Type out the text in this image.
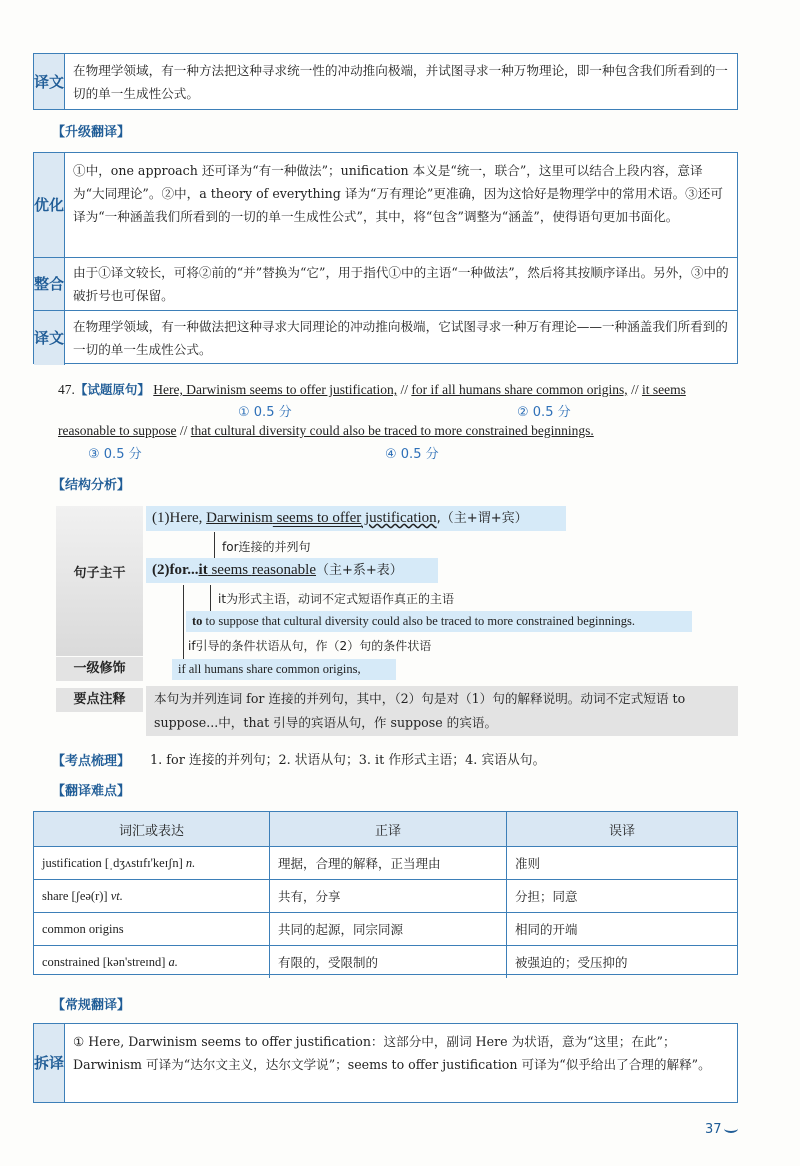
译文
在物理学领域，有一种方法把这种寻求统一性的冲动推向极端，并试图寻求一种万物理论，即一种包含我们所看到的一切的单一生成性公式。
【升级翻译】
优化
①中，one approach 还可译为“有一种做法”；unification 本义是“统一，联合”，这里可以结合上段内容，意译为“大同理论”。②中，a theory of everything 译为“万有理论”更准确，因为这恰好是物理学中的常用术语。③还可译为“一种涵盖我们所看到的一切的单一生成性公式”，其中，将“包含”调整为“涵盖”，使得语句更加书面化。
整合
由于①译文较长，可将②前的“并”替换为“它”，用于指代①中的主语“一种做法”，然后将其按顺序译出。另外，③中的破折号也可保留。
译文
在物理学领域，有一种做法把这种寻求大同理论的冲动推向极端，它试图寻求一种万有理论——一种涵盖我们所看到的一切的单一生成性公式。
47.【试题原句】 Here, Darwinism seems to offer justification, // for if all humans share common origins, // it seems
① 0.5 分	② 0.5 分
reasonable to suppose // that cultural diversity could also be traced to more constrained beginnings.
③ 0.5 分	④ 0.5 分
【结构分析】
句子主干
一级修饰
(1)Here, Darwinism seems to offer justification,（主+谓+宾）
for连接的并列句
(2)for...it seems reasonable（主+系+表）
it为形式主语，动词不定式短语作真正的主语
to to suppose that cultural diversity could also be traced to more constrained beginnings.
if引导的条件状语从句，作（2）句的条件状语
if all humans share common origins,
要点注释	本句为并列连词 for 连接的并列句，其中，（2）句是对（1）句的解释说明。动词不定式短语 to suppose...中，that 引导的宾语从句，作 suppose 的宾语。
【考点梳理】 1. for 连接的并列句；2. 状语从句；3. it 作形式主语；4. 宾语从句。
【翻译难点】
词汇或表达	正译	误译
justification [ˌdʒʌstɪfɪ'keɪʃn] n.	理据，合理的解释，正当理由	准则
share [ʃeə(r)] vt.	共有，分享	分担；同意
common origins	共同的起源，同宗同源	相同的开端
constrained [kən'streɪnd] a.	有限的，受限制的	被强迫的；受压抑的
【常规翻译】
拆译
① Here, Darwinism seems to offer justification：这部分中，副词 Here 为状语，意为“这里；在此”；Darwinism 可译为“达尔文主义，达尔文学说”；seems to offer justification 可译为“似乎给出了合理的解释”。
37
